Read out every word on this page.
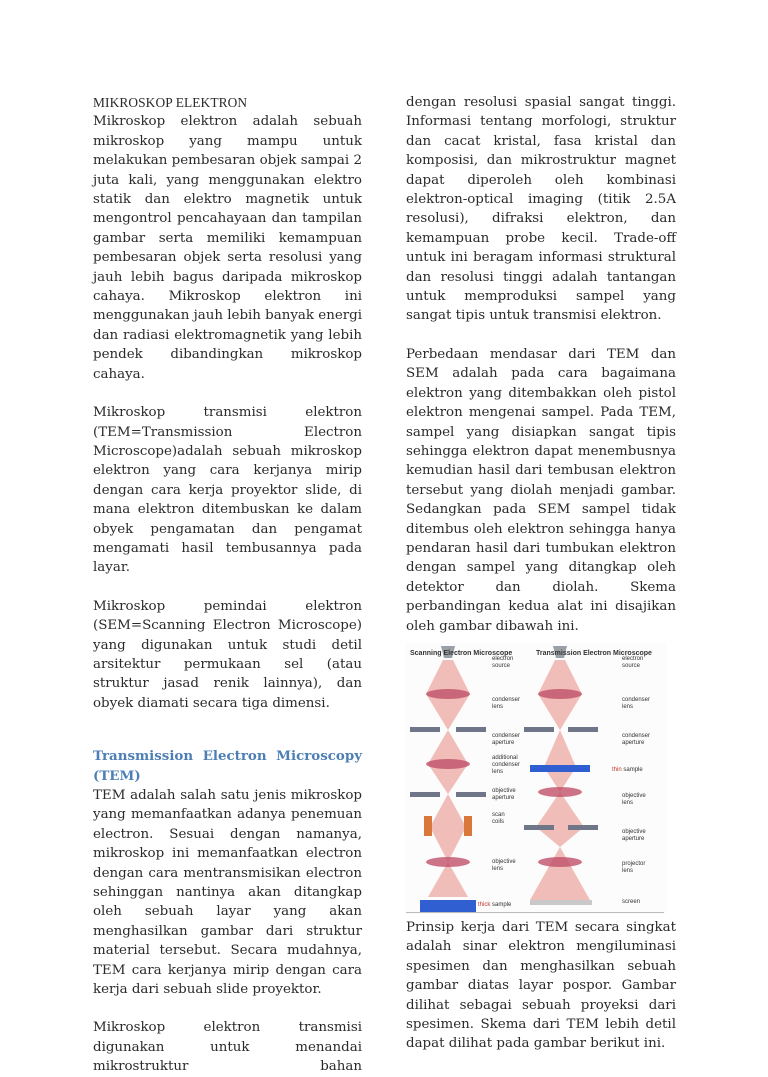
MIKROSKOP ELEKTRON

Mikroskop elektron adalah sebuah mikroskop yang mampu untuk melakukan pembesaran objek sampai 2 juta kali, yang menggunakan elektro statik dan elektro magnetik untuk mengontrol pencahayaan dan tampilan gambar serta memiliki kemampuan pembesaran objek serta resolusi yang jauh lebih bagus daripada mikroskop cahaya. Mikroskop elektron ini menggunakan jauh lebih banyak energi dan radiasi elektromagnetik yang lebih pendek dibandingkan mikroskop cahaya.

Mikroskop transmisi elektron (TEM=Transmission Electron Microscope)adalah sebuah mikroskop elektron yang cara kerjanya mirip dengan cara kerja proyektor slide, di mana elektron ditembuskan ke dalam obyek pengamatan dan pengamat mengamati hasil tembusannya pada layar.

Mikroskop pemindai elektron (SEM=Scanning Electron Microscope) yang digunakan untuk studi detil arsitektur permukaan sel (atau struktur jasad renik lainnya), dan obyek diamati secara tiga dimensi.

Transmission Electron Microscopy (TEM)

TEM adalah salah satu jenis mikroskop yang memanfaatkan adanya penemuan electron. Sesuai dengan namanya, mikroskop ini memanfaatkan electron dengan cara mentransmisikan electron sehinggan nantinya akan ditangkap oleh sebuah layar yang akan menghasilkan gambar dari struktur material tersebut. Secara mudahnya, TEM cara kerjanya mirip dengan cara kerja dari sebuah slide proyektor.

Mikroskop elektron transmisi digunakan untuk menandai mikrostruktur bahan

dengan resolusi spasial sangat tinggi. Informasi tentang morfologi, struktur dan cacat kristal, fasa kristal dan komposisi, dan mikrostruktur magnet dapat diperoleh oleh kombinasi elektron-optical imaging (titik 2.5A resolusi), difraksi elektron, dan kemampuan probe kecil. Trade-off untuk ini beragam informasi struktural dan resolusi tinggi adalah tantangan untuk memproduksi sampel yang sangat tipis untuk transmisi elektron.

Perbedaan mendasar dari TEM dan SEM adalah pada cara bagaimana elektron yang ditembakkan oleh pistol elektron mengenai sampel. Pada TEM, sampel yang disiapkan sangat tipis sehingga elektron dapat menembusnya kemudian hasil dari tembusan elektron tersebut yang diolah menjadi gambar. Sedangkan pada SEM sampel tidak ditembus oleh elektron sehingga hanya pendaran hasil dari tumbukan elektron dengan sampel yang ditangkap oleh detektor dan diolah. Skema perbandingan kedua alat ini disajikan oleh gambar dibawah ini.

Scanning Electron Microscope	Transmission Electron Microscope
electron
source
condenser
lens
condenser
aperture
additional
condenser
lens
objective
aperture
scan
coils
objective
lens
thick sample
electron
source
condenser
lens
condenser
aperture
thin sample
objective
lens
objective
aperture
projector
lens
screen

Prinsip kerja dari TEM secara singkat adalah sinar elektron mengiluminasi spesimen dan menghasilkan sebuah gambar diatas layar pospor. Gambar dilihat sebagai sebuah proyeksi dari spesimen. Skema dari TEM lebih detil dapat dilihat pada gambar berikut ini.
